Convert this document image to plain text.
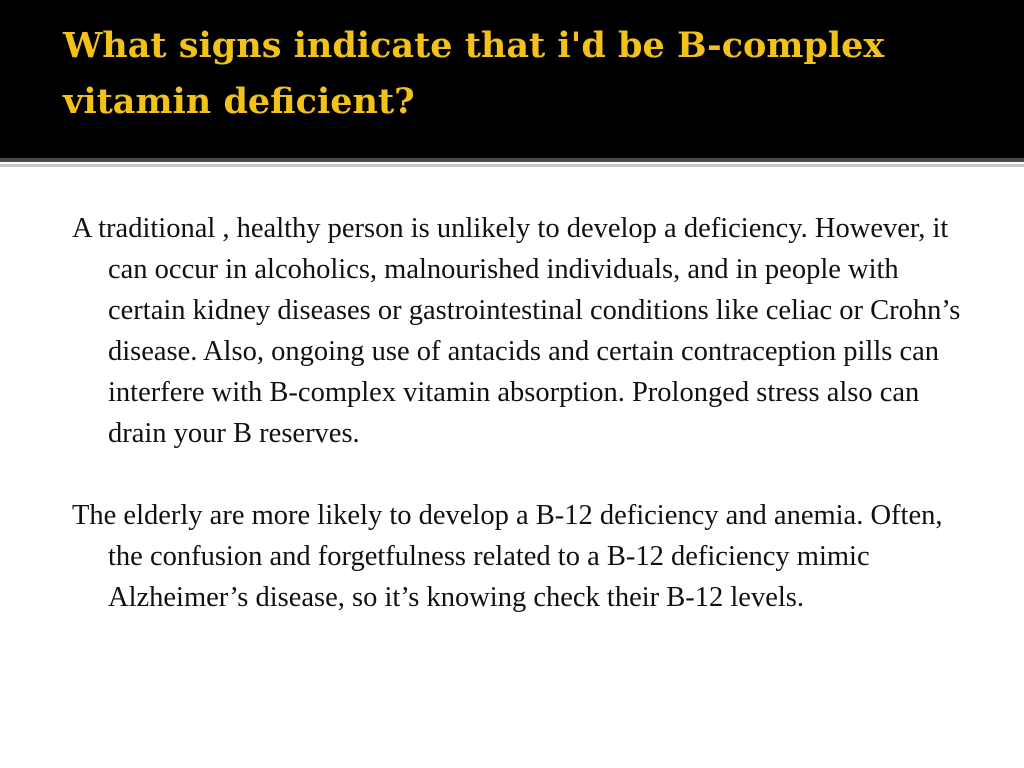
What signs indicate that i'd be B-complex vitamin deficient?

A traditional , healthy person is unlikely to develop a deficiency. However, it can occur in alcoholics, malnourished individuals, and in people with certain kidney diseases or gastrointestinal conditions like celiac or Crohn’s disease. Also, ongoing use of antacids and certain contraception pills can interfere with B-complex vitamin absorption. Prolonged stress also can drain your B reserves.

The elderly are more likely to develop a B-12 deficiency and anemia. Often, the confusion and forgetfulness related to a B-12 deficiency mimic Alzheimer’s disease, so it’s knowing check their B-12 levels.
